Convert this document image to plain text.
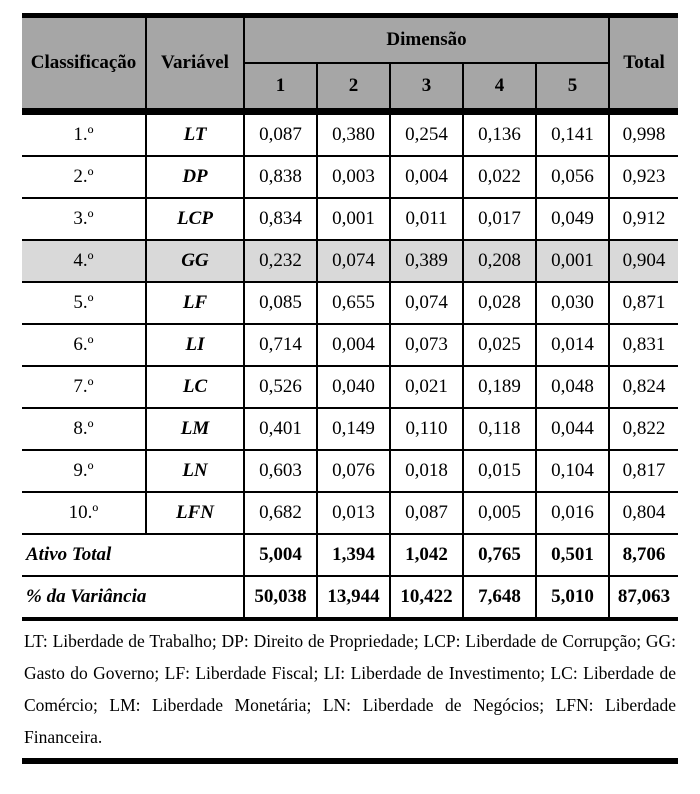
Classificação	Variável	Dimensão					Total
		1	2	3	4	5	

1.º	LT	0,087	0,380	0,254	0,136	0,141	0,998
2.º	DP	0,838	0,003	0,004	0,022	0,056	0,923
3.º	LCP	0,834	0,001	0,011	0,017	0,049	0,912
4.º	GG	0,232	0,074	0,389	0,208	0,001	0,904
5.º	LF	0,085	0,655	0,074	0,028	0,030	0,871
6.º	LI	0,714	0,004	0,073	0,025	0,014	0,831
7.º	LC	0,526	0,040	0,021	0,189	0,048	0,824
8.º	LM	0,401	0,149	0,110	0,118	0,044	0,822
9.º	LN	0,603	0,076	0,018	0,015	0,104	0,817
10.º	LFN	0,682	0,013	0,087	0,005	0,016	0,804
Ativo Total		5,004	1,394	1,042	0,765	0,501	8,706
% da Variância		50,038	13,944	10,422	7,648	5,010	87,063
LT: Liberdade de Trabalho; DP: Direito de Propriedade; LCP: Liberdade de Corrupção; GG: Gasto do Governo; LF: Liberdade Fiscal; LI: Liberdade de Investimento; LC: Liberdade de Comércio; LM: Liberdade Monetária; LN: Liberdade de Negócios; LFN: Liberdade Financeira.
